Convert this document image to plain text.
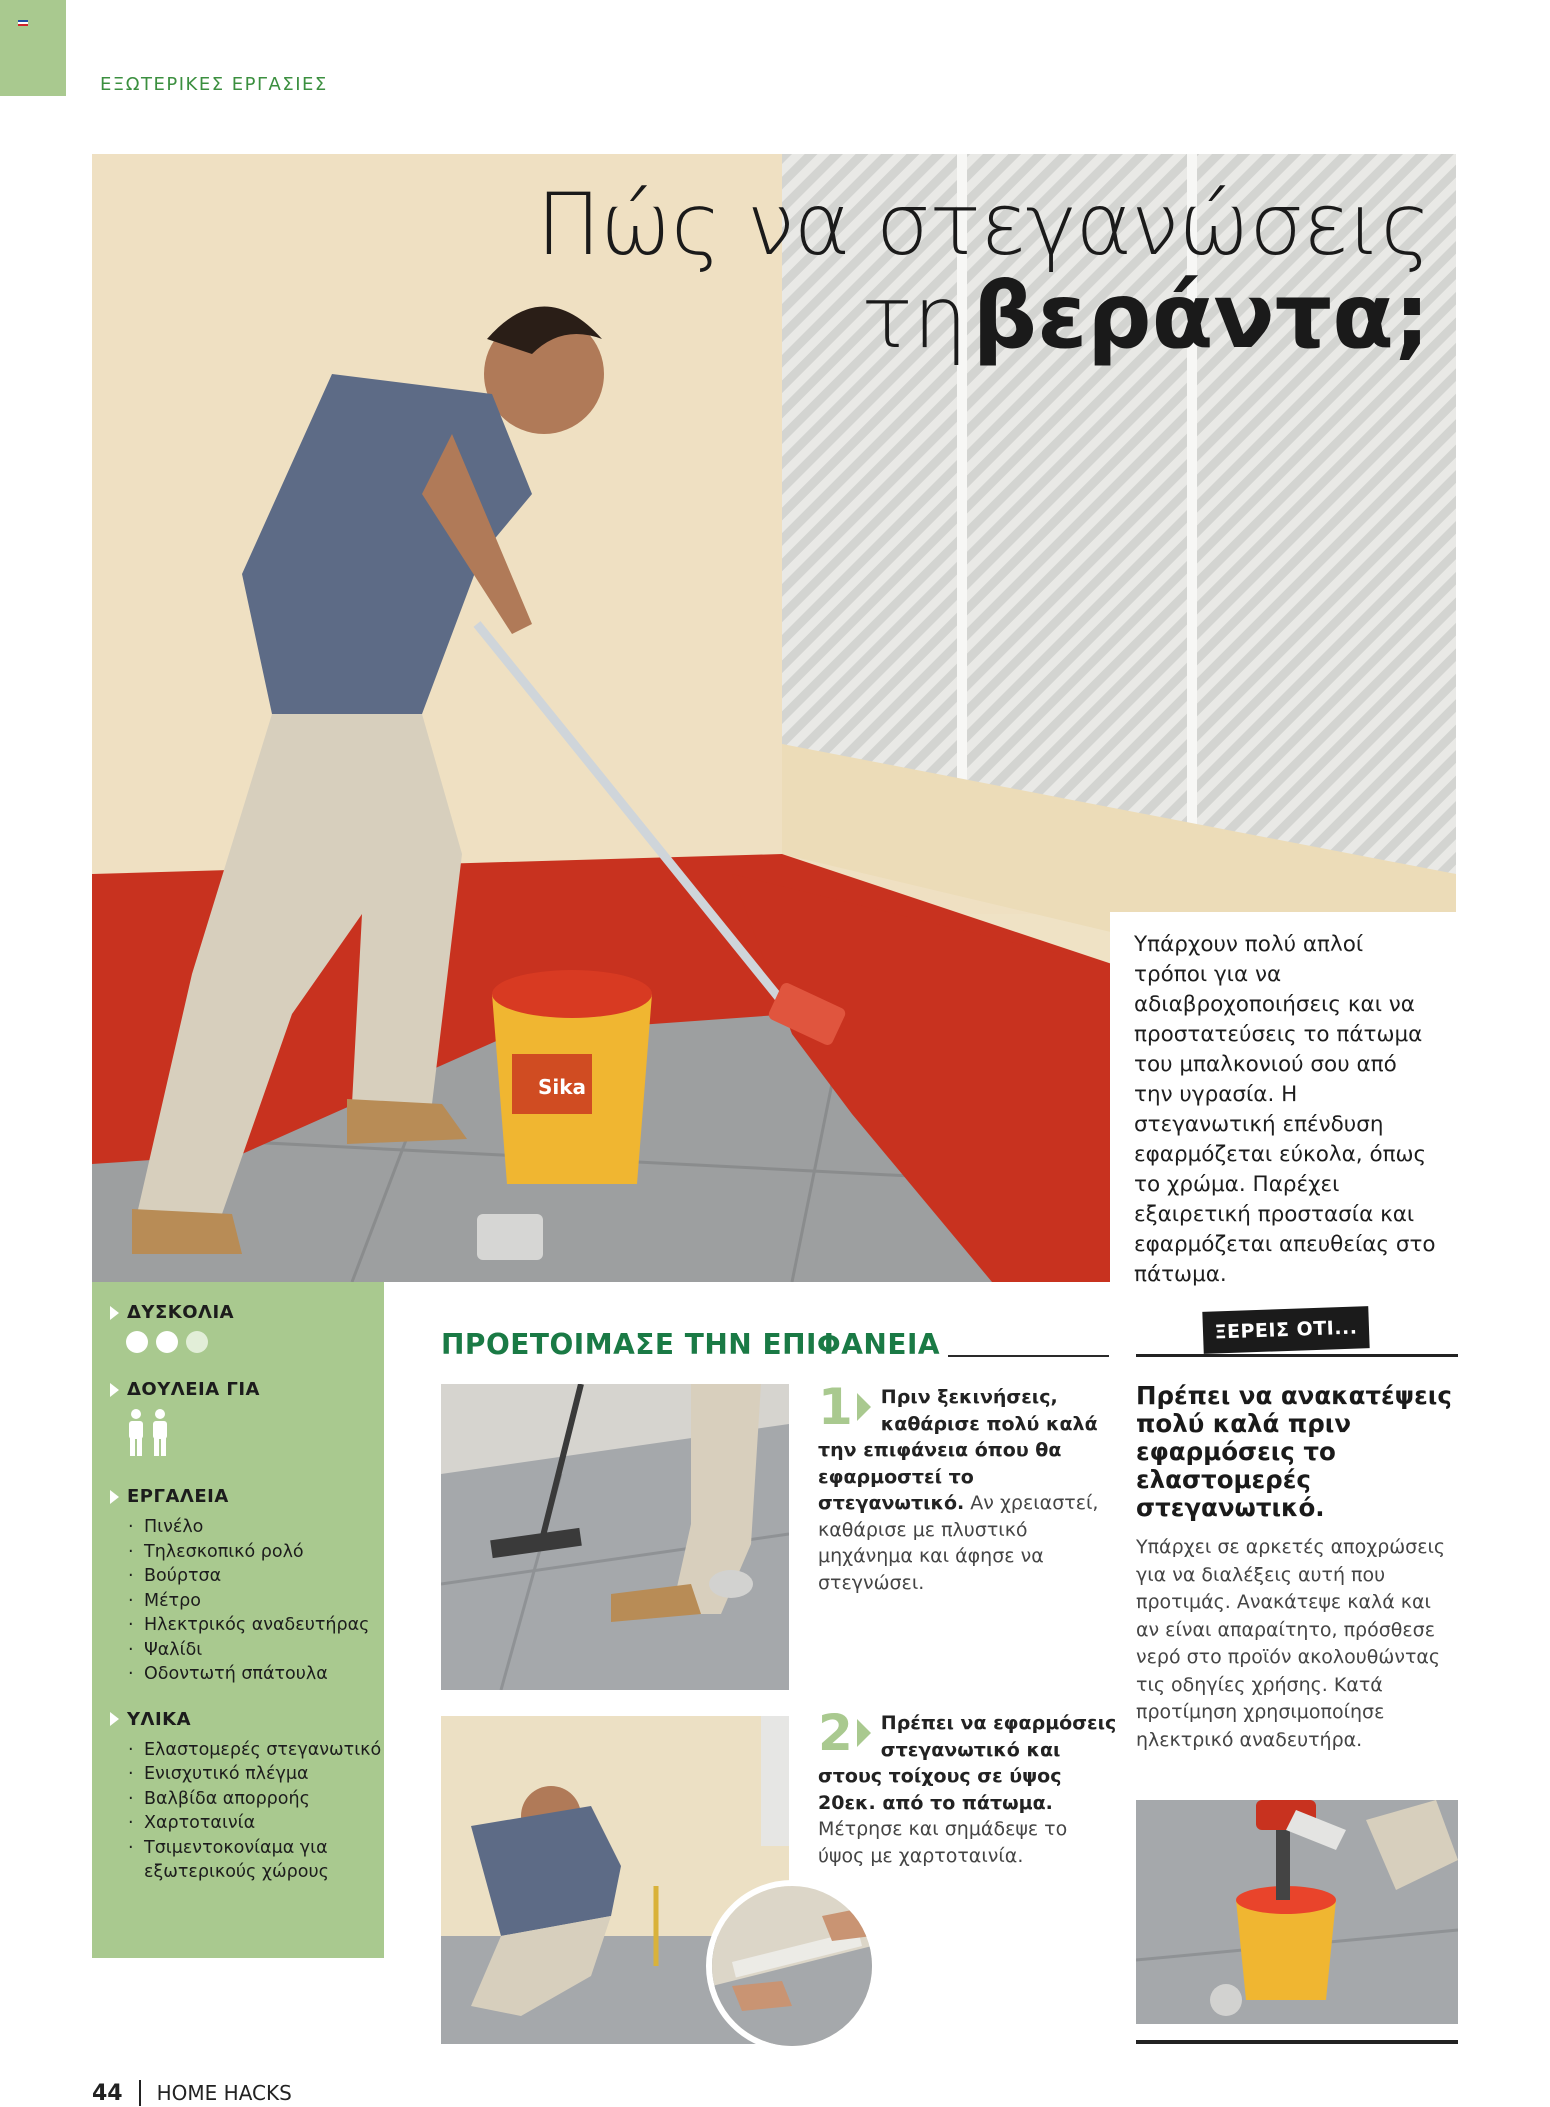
ΕΞΩΤΕΡΙΚΕΣ ΕΡΓΑΣΙΕΣ
Sika
Πώς να στεγανώσεις
τη βεράντα;
Υπάρχουν πολύ απλοί τρόποι για να αδιαβροχοποιήσεις και να προστατεύσεις το πάτωμα του μπαλκονιού σου από την υγρασία. Η στεγανωτική επένδυση εφαρμόζεται εύκολα, όπως το χρώμα. Παρέχει εξαιρετική προστασία και εφαρμόζεται απευθείας στο πάτωμα.
ΔΥΣΚΟΛΙΑ
ΔΟΥΛΕΙΑ ΓΙΑ
ΕΡΓΑΛΕΙΑ
· Πινέλο
· Τηλεσκοπικό ρολό
· Βούρτσα
· Μέτρο
· Ηλεκτρικός αναδευτήρας
· Ψαλίδι
· Οδοντωτή σπάτουλα
ΥΛΙΚΑ
· Ελαστομερές στεγανωτικό
· Ενισχυτικό πλέγμα
· Βαλβίδα απορροής
· Χαρτοταινία
· Τσιμεντοκονίαμα για εξωτερικούς χώρους
ΠΡΟΕΤΟΙΜΑΣΕ ΤΗΝ ΕΠΙΦΑΝΕΙΑ
1 Πριν ξεκινήσεις, καθάρισε πολύ καλά την επιφάνεια όπου θα εφαρμοστεί το στεγανωτικό. Αν χρειαστεί, καθάρισε με πλυστικό μηχάνημα και άφησε να στεγνώσει.
2 Πρέπει να εφαρμόσεις στεγανωτικό και στους τοίχους σε ύψος 20εκ. από το πάτωμα. Μέτρησε και σημάδεψε το ύψος με χαρτοταινία.
ΞΕΡΕΙΣ ΟΤΙ...
Πρέπει να ανακατέψεις πολύ καλά πριν εφαρμόσεις το ελαστομερές στεγανωτικό.
Υπάρχει σε αρκετές αποχρώσεις για να διαλέξεις αυτή που προτιμάς. Ανακάτεψε καλά και αν είναι απαραίτητο, πρόσθεσε νερό στο προϊόν ακολουθώντας τις οδηγίες χρήσης. Κατά προτίμηση χρησιμοποίησε ηλεκτρικό αναδευτήρα.
44 HOME HACKS
